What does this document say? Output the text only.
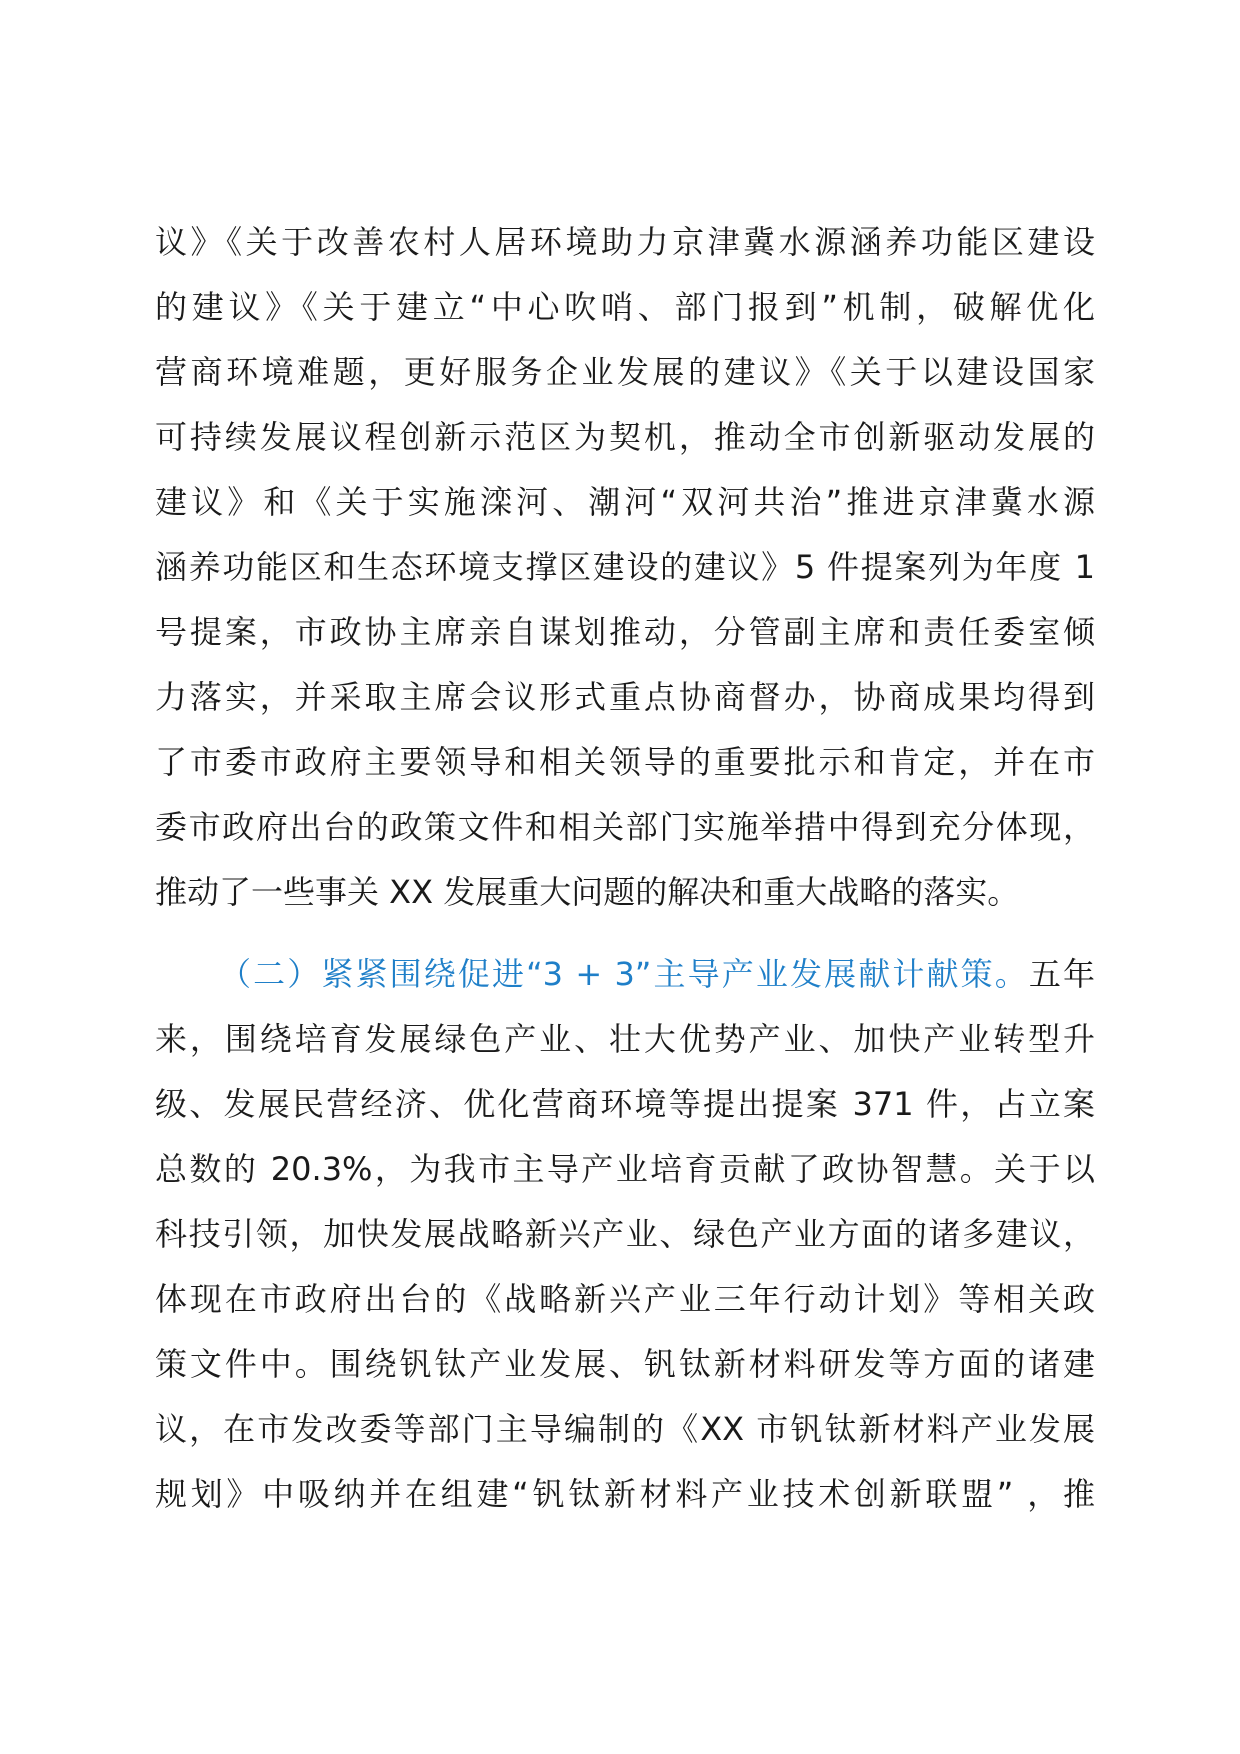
议》《关于改善农村人居环境助力京津冀水源涵养功能区建设
的建议》《关于建立“中心吹哨、部门报到”机制，破解优化
营商环境难题，更好服务企业发展的建议》《关于以建设国家
可持续发展议程创新示范区为契机，推动全市创新驱动发展的
建议》和《关于实施滦河、潮河“双河共治”推进京津冀水源
涵养功能区和生态环境支撑区建设的建议》5 件提案列为年度 1
号提案，市政协主席亲自谋划推动，分管副主席和责任委室倾
力落实，并采取主席会议形式重点协商督办，协商成果均得到
了市委市政府主要领导和相关领导的重要批示和肯定，并在市
委市政府出台的政策文件和相关部门实施举措中得到充分体现，
推动了一些事关 XX 发展重大问题的解决和重大战略的落实。
（二）紧紧围绕促进“3 + 3”主导产业发展献计献策。五年
来，围绕培育发展绿色产业、壮大优势产业、加快产业转型升
级、发展民营经济、优化营商环境等提出提案 371 件，占立案
总数的 20.3%，为我市主导产业培育贡献了政协智慧。关于以
科技引领，加快发展战略新兴产业、绿色产业方面的诸多建议，
体现在市政府出台的《战略新兴产业三年行动计划》等相关政
策文件中。围绕钒钛产业发展、钒钛新材料研发等方面的诸建
议，在市发改委等部门主导编制的《XX 市钒钛新材料产业发展
规划》中吸纳并在组建“钒钛新材料产业技术创新联盟” ，推
